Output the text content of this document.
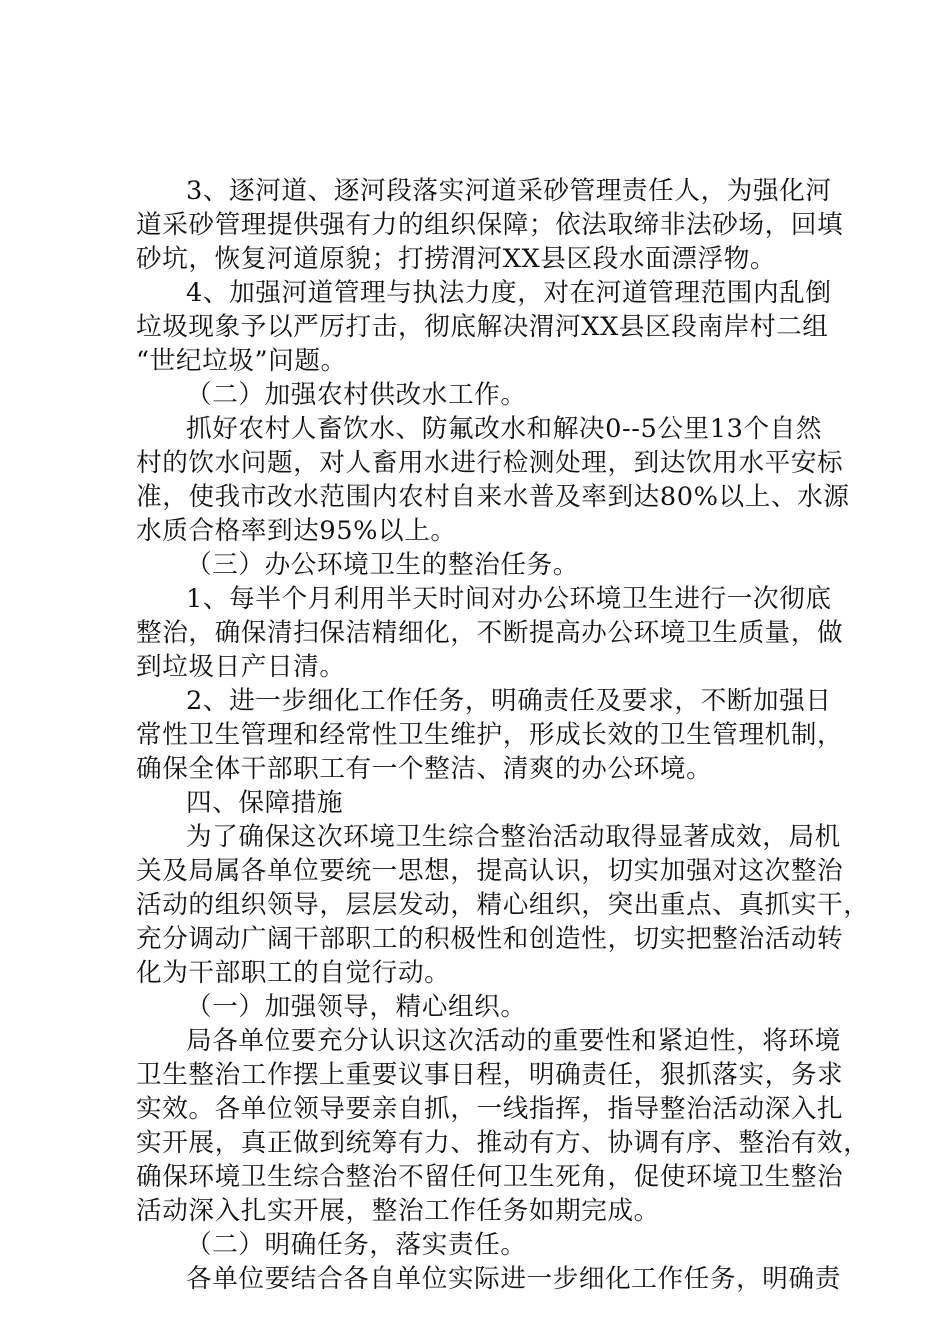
3、逐河道、逐河段落实河道采砂管理责任人，为强化河
道采砂管理提供强有力的组织保障；依法取缔非法砂场，回填
砂坑，恢复河道原貌；打捞渭河XX县区段水面漂浮物。
4、加强河道管理与执法力度，对在河道管理范围内乱倒
垃圾现象予以严厉打击，彻底解决渭河XX县区段南岸村二组
“世纪垃圾”问题。
（二）加强农村供改水工作。
抓好农村人畜饮水、防氟改水和解决0--5公里13个自然
村的饮水问题，对人畜用水进行检测处理，到达饮用水平安标
准，使我市改水范围内农村自来水普及率到达80%以上、水源
水质合格率到达95%以上。
（三）办公环境卫生的整治任务。
1、每半个月利用半天时间对办公环境卫生进行一次彻底
整治，确保清扫保洁精细化，不断提高办公环境卫生质量，做
到垃圾日产日清。
2、进一步细化工作任务，明确责任及要求，不断加强日
常性卫生管理和经常性卫生维护，形成长效的卫生管理机制，
确保全体干部职工有一个整洁、清爽的办公环境。
四、保障措施
为了确保这次环境卫生综合整治活动取得显著成效，局机
关及局属各单位要统一思想，提高认识，切实加强对这次整治
活动的组织领导，层层发动，精心组织，突出重点、真抓实干，
充分调动广阔干部职工的积极性和创造性，切实把整治活动转
化为干部职工的自觉行动。
（一）加强领导，精心组织。
局各单位要充分认识这次活动的重要性和紧迫性，将环境
卫生整治工作摆上重要议事日程，明确责任，狠抓落实，务求
实效。各单位领导要亲自抓，一线指挥，指导整治活动深入扎
实开展，真正做到统筹有力、推动有方、协调有序、整治有效，
确保环境卫生综合整治不留任何卫生死角，促使环境卫生整治
活动深入扎实开展，整治工作任务如期完成。
（二）明确任务，落实责任。
各单位要结合各自单位实际进一步细化工作任务，明确责
